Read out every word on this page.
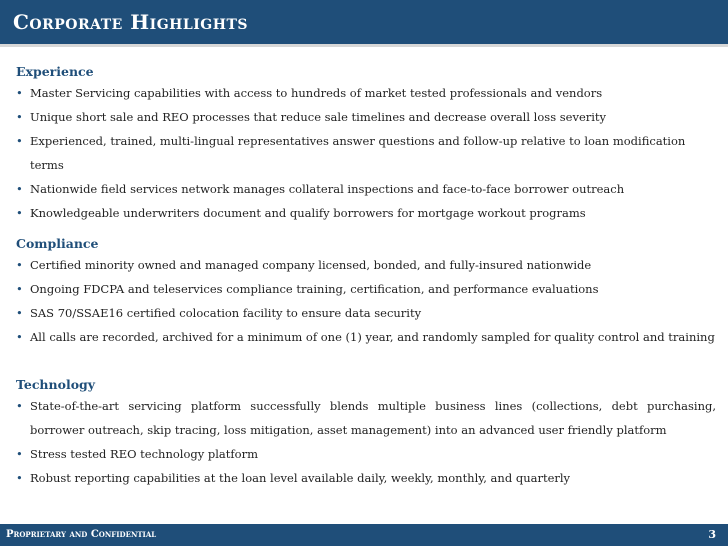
Corporate Highlights
Experience
• Master Servicing capabilities with access to hundreds of market tested professionals and vendors
• Unique short sale and REO processes that reduce sale timelines and decrease overall loss severity
• Experienced, trained, multi-lingual representatives answer questions and follow-up relative to loan modification terms
• Nationwide field services network manages collateral inspections and face-to-face borrower outreach
• Knowledgeable underwriters document and qualify borrowers for mortgage workout programs
Compliance
• Certified minority owned and managed company licensed, bonded, and fully-insured nationwide
• Ongoing FDCPA and teleservices compliance training, certification, and performance evaluations
• SAS 70/SSAE16 certified colocation facility to ensure data security
• All calls are recorded, archived for a minimum of one (1) year, and randomly sampled for quality control and training
Technology
• State-of-the-art servicing platform successfully blends multiple business lines (collections, debt purchasing, borrower outreach, skip tracing, loss mitigation, asset management) into an advanced user friendly platform
• Stress tested REO technology platform
• Robust reporting capabilities at the loan level available daily, weekly, monthly, and quarterly
Proprietary and Confidential	3
